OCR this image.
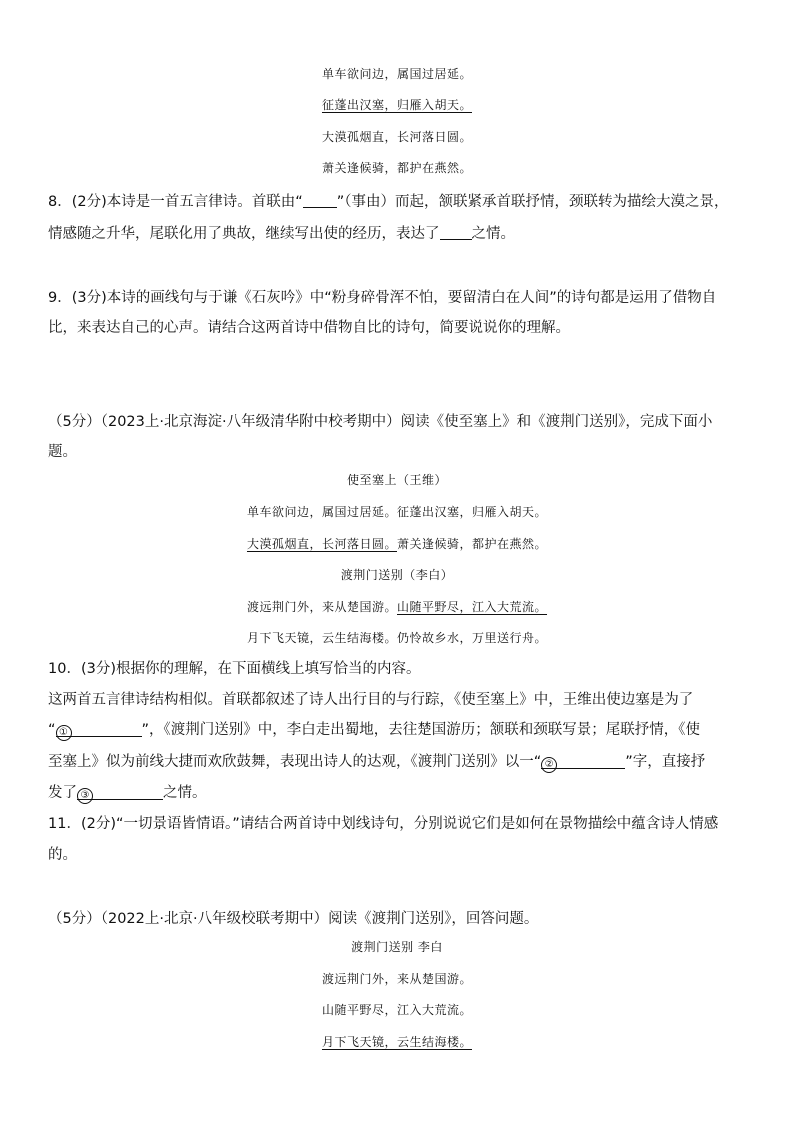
单车欲问边，属国过居延。
征蓬出汉塞，归雁入胡天。
大漠孤烟直，长河落日圆。
萧关逢候骑，都护在燕然。
8．(2分)本诗是一首五言律诗。首联由“ ”（事由）而起，颔联紧承首联抒情，颈联转为描绘大漠之景，
情感随之升华，尾联化用了典故，继续写出使的经历，表达了 之情。
9．(3分)本诗的画线句与于谦《石灰吟》中“粉身碎骨浑不怕，要留清白在人间”的诗句都是运用了借物自
比，来表达自己的心声。请结合这两首诗中借物自比的诗句，简要说说你的理解。
（5分）（2023上·北京海淀·八年级清华附中校考期中）阅读《使至塞上》和《渡荆门送别》，完成下面小
题。
使至塞上（王维）
单车欲问边，属国过居延。征蓬出汉塞，归雁入胡天。
大漠孤烟直，长河落日圆。萧关逢候骑，都护在燕然。
渡荆门送别（李白）
渡远荆门外，来从楚国游。山随平野尽，江入大荒流。
月下飞天镜，云生结海楼。仍怜故乡水，万里送行舟。
10．(3分)根据你的理解，在下面横线上填写恰当的内容。
这两首五言律诗结构相似。首联都叙述了诗人出行目的与行踪，《使至塞上》中，王维出使边塞是为了
“ ①	”，《渡荆门送别》中，李白走出蜀地，去往楚国游历；颔联和颈联写景；尾联抒情，《使
至塞上》似为前线大捷而欢欣鼓舞，表现出诗人的达观，《渡荆门送别》以一“ ②	”字，直接抒
发了 ③	之情。
11．(2分)“一切景语皆情语。”请结合两首诗中划线诗句，分别说说它们是如何在景物描绘中蕴含诗人情感
的。
（5分）（2022上·北京·八年级校联考期中）阅读《渡荆门送别》，回答问题。
渡荆门送别 李白
渡远荆门外，来从楚国游。
山随平野尽，江入大荒流。
月下飞天镜，云生结海楼。
